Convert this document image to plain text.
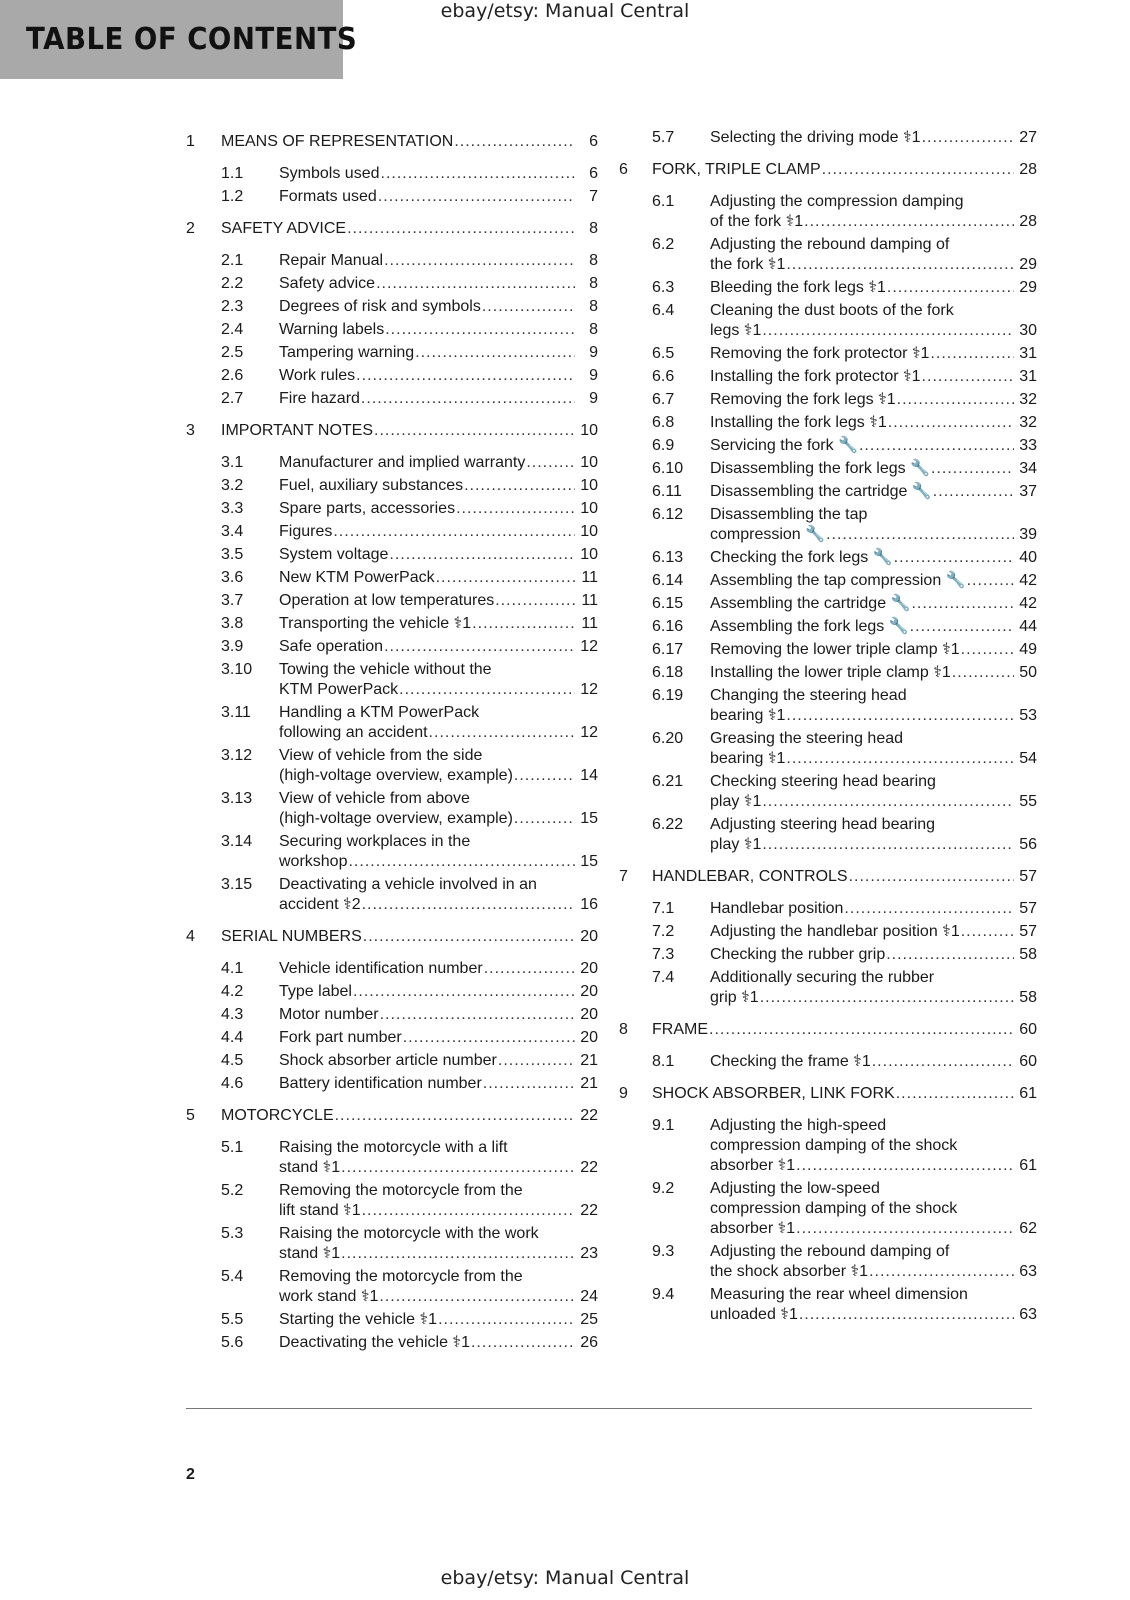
ebay/etsy: Manual Central
TABLE OF CONTENTS
1 MEANS OF REPRESENTATION .....	6
1.1 Symbols used .....	6
1.2 Formats used .....	7
2 SAFETY ADVICE .....	8
2.1 Repair Manual .....	8
2.2 Safety advice .....	8
2.3 Degrees of risk and symbols .....	8
2.4 Warning labels .....	8
2.5 Tampering warning .....	9
2.6 Work rules .....	9
2.7 Fire hazard .....	9
3 IMPORTANT NOTES .....	10
3.1 Manufacturer and implied warranty .....	10
3.2 Fuel, auxiliary substances .....	10
3.3 Spare parts, accessories .....	10
3.4 Figures .....	10
3.5 System voltage .....	10
3.6 New KTM PowerPack .....	11
3.7 Operation at low temperatures .....	11
3.8 Transporting the vehicle ⚕1 .....	11
3.9 Safe operation .....	12
3.10 Towing the vehicle without the
KTM PowerPack .....	12
3.11 Handling a KTM PowerPack
following an accident .....	12
3.12 View of vehicle from the side
(high-voltage overview, example) .....	14
3.13 View of vehicle from above
(high-voltage overview, example) .....	15
3.14 Securing workplaces in the
workshop .....	15
3.15 Deactivating a vehicle involved in an
accident ⚕2 .....	16
4 SERIAL NUMBERS .....	20
4.1 Vehicle identification number .....	20
4.2 Type label .....	20
4.3 Motor number .....	20
4.4 Fork part number .....	20
4.5 Shock absorber article number .....	21
4.6 Battery identification number .....	21
5 MOTORCYCLE .....	22
5.1 Raising the motorcycle with a lift
stand ⚕1 .....	22
5.2 Removing the motorcycle from the
lift stand ⚕1 .....	22
5.3 Raising the motorcycle with the work
stand ⚕1 .....	23
5.4 Removing the motorcycle from the
work stand ⚕1 .....	24
5.5 Starting the vehicle ⚕1 .....	25
5.6 Deactivating the vehicle ⚕1 .....	26
5.7 Selecting the driving mode ⚕1 .....	27
6 FORK, TRIPLE CLAMP .....	28
6.1 Adjusting the compression damping
of the fork ⚕1 .....	28
6.2 Adjusting the rebound damping of
the fork ⚕1 .....	29
6.3 Bleeding the fork legs ⚕1 .....	29
6.4 Cleaning the dust boots of the fork
legs ⚕1 .....	30
6.5 Removing the fork protector ⚕1 .....	31
6.6 Installing the fork protector ⚕1 .....	31
6.7 Removing the fork legs ⚕1 .....	32
6.8 Installing the fork legs ⚕1 .....	32
6.9 Servicing the fork 🔧 .....	33
6.10 Disassembling the fork legs 🔧 .....	34
6.11 Disassembling the cartridge 🔧 .....	37
6.12 Disassembling the tap
compression 🔧 .....	39
6.13 Checking the fork legs 🔧 .....	40
6.14 Assembling the tap compression 🔧 .....	42
6.15 Assembling the cartridge 🔧 .....	42
6.16 Assembling the fork legs 🔧 .....	44
6.17 Removing the lower triple clamp ⚕1 .....	49
6.18 Installing the lower triple clamp ⚕1 .....	50
6.19 Changing the steering head
bearing ⚕1 .....	53
6.20 Greasing the steering head
bearing ⚕1 .....	54
6.21 Checking steering head bearing
play ⚕1 .....	55
6.22 Adjusting steering head bearing
play ⚕1 .....	56
7 HANDLEBAR, CONTROLS .....	57
7.1 Handlebar position .....	57
7.2 Adjusting the handlebar position ⚕1 .....	57
7.3 Checking the rubber grip .....	58
7.4 Additionally securing the rubber
grip ⚕1 .....	58
8 FRAME .....	60
8.1 Checking the frame ⚕1 .....	60
9 SHOCK ABSORBER, LINK FORK .....	61
9.1 Adjusting the high-speed
compression damping of the shock
absorber ⚕1 .....	61
9.2 Adjusting the low-speed
compression damping of the shock
absorber ⚕1 .....	62
9.3 Adjusting the rebound damping of
the shock absorber ⚕1 .....	63
9.4 Measuring the rear wheel dimension
unloaded ⚕1 .....	63
2
ebay/etsy: Manual Central
